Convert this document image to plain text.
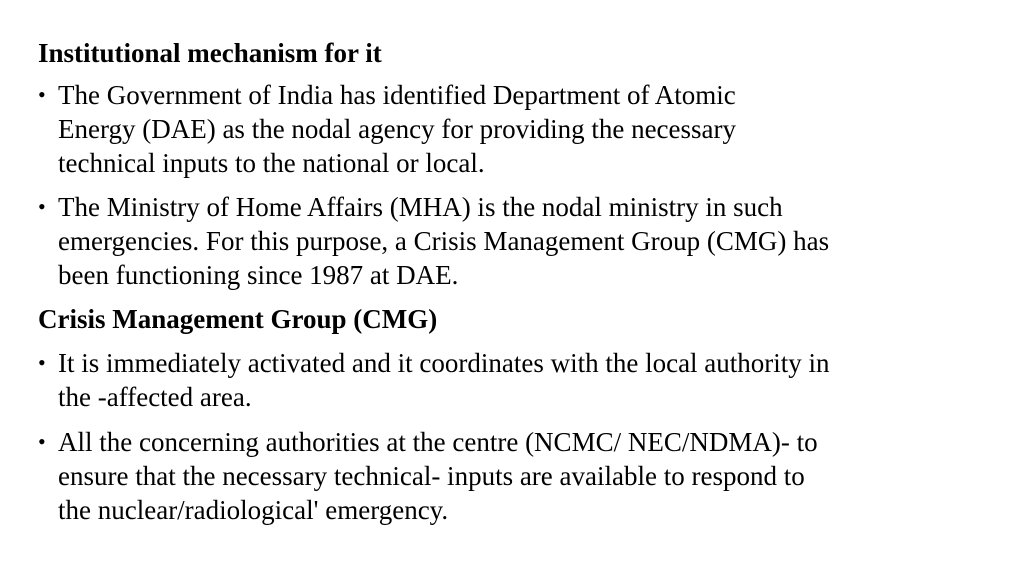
Institutional mechanism for it

• The Government of India has identified Department of Atomic
Energy (DAE) as the nodal agency for providing the necessary
technical inputs to the national or local.
• The Ministry of Home Affairs (MHA) is the nodal ministry in such
emergencies. For this purpose, a Crisis Management Group (CMG) has
been functioning since 1987 at DAE.

Crisis Management Group (CMG)

• It is immediately activated and it coordinates with the local authority in
the -affected area.
• All the concerning authorities at the centre (NCMC/ NEC/NDMA)- to
ensure that the necessary technical- inputs are available to respond to
the nuclear/radiological' emergency.
